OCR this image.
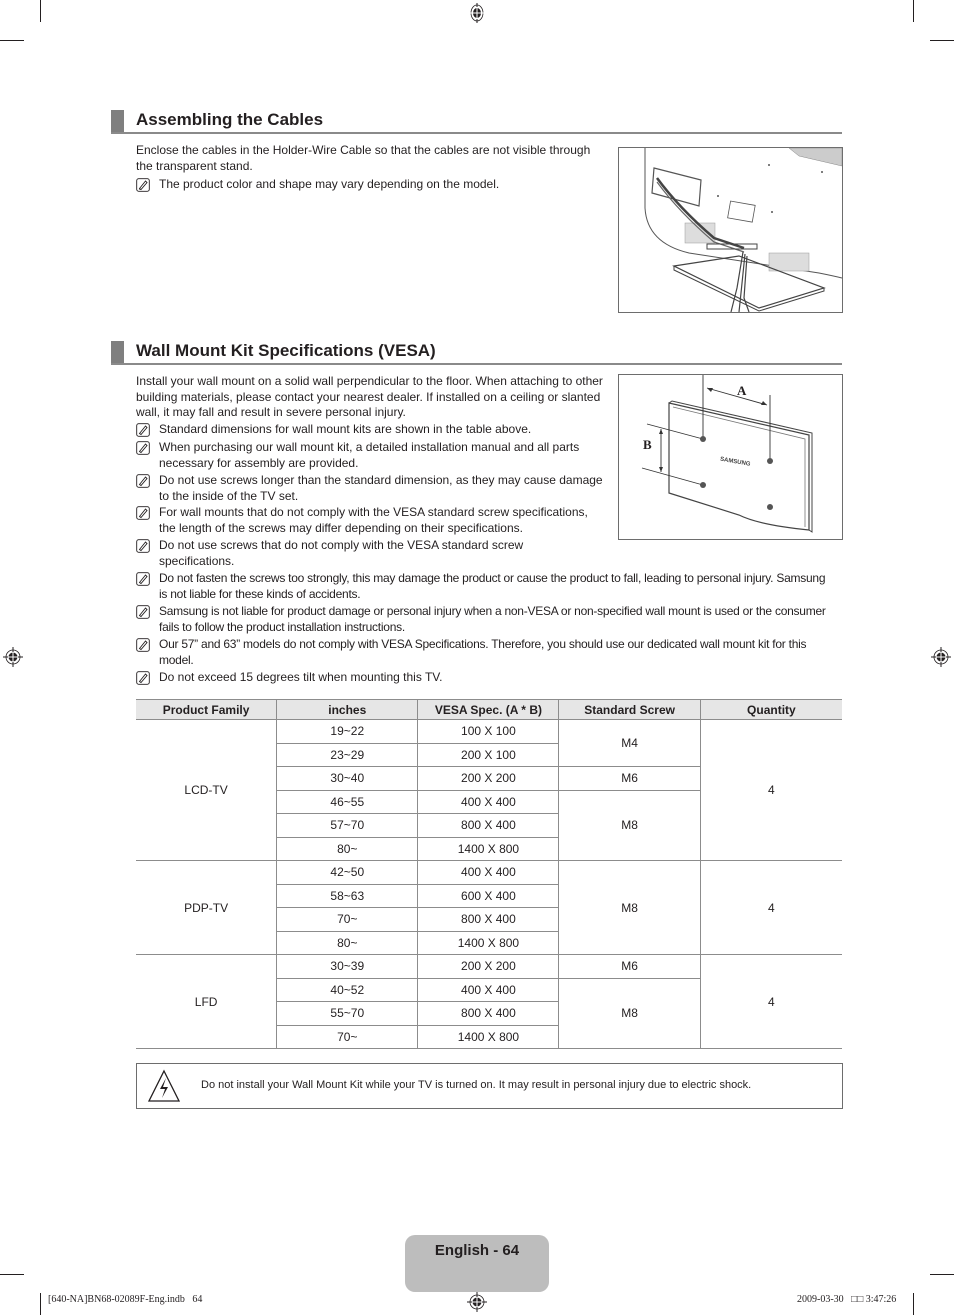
Assembling the Cables
Enclose the cables in the Holder-Wire Cable so that the cables are not visible through the transparent stand.
The product color and shape may vary depending on the model.
Wall Mount Kit Specifications (VESA)
Install your wall mount on a solid wall perpendicular to the floor. When attaching to other building materials, please contact your nearest dealer. If installed on a ceiling or slanted wall, it may fall and result in severe personal injury.
Standard dimensions for wall mount kits are shown in the table above.
When purchasing our wall mount kit, a detailed installation manual and all parts necessary for assembly are provided.
Do not use screws longer than the standard dimension, as they may cause damage to the inside of the TV set.
For wall mounts that do not comply with the VESA standard screw specifications, the length of the screws may differ depending on their specifications.
Do not use screws that do not comply with the VESA standard screw specifications.
Do not fasten the screws too strongly, this may damage the product or cause the product to fall, leading to personal injury. Samsung is not liable for these kinds of accidents.
Samsung is not liable for product damage or personal injury when a non-VESA or non-specified wall mount is used or the consumer fails to follow the product installation instructions.
Our 57” and 63” models do not comply with VESA Specifications. Therefore, you should use our dedicated wall mount kit for this model.
Do not exceed 15 degrees tilt when mounting this TV.
A
B
SAMSUNG
Product Family	inches	VESA Spec. (A * B)	Standard Screw	Quantity
LCD-TV	19~22	100 X 100	M4	4
	23~29	200 X 100		
	30~40	200 X 200	M6	
	46~55	400 X 400	M8	
	57~70	800 X 400		
	80~	1400 X 800		
PDP-TV	42~50	400 X 400	M8	4
	58~63	600 X 400		
	70~	800 X 400		
	80~	1400 X 800		
LFD	30~39	200 X 200	M6	4
	40~52	400 X 400	M8	
	55~70	800 X 400		
	70~	1400 X 800		
Do not install your Wall Mount Kit while your TV is turned on. It may result in personal injury due to electric shock.
English - 64
[640-NA]BN68-02089F-Eng.indb   64	2009-03-30   □□ 3:47:26
